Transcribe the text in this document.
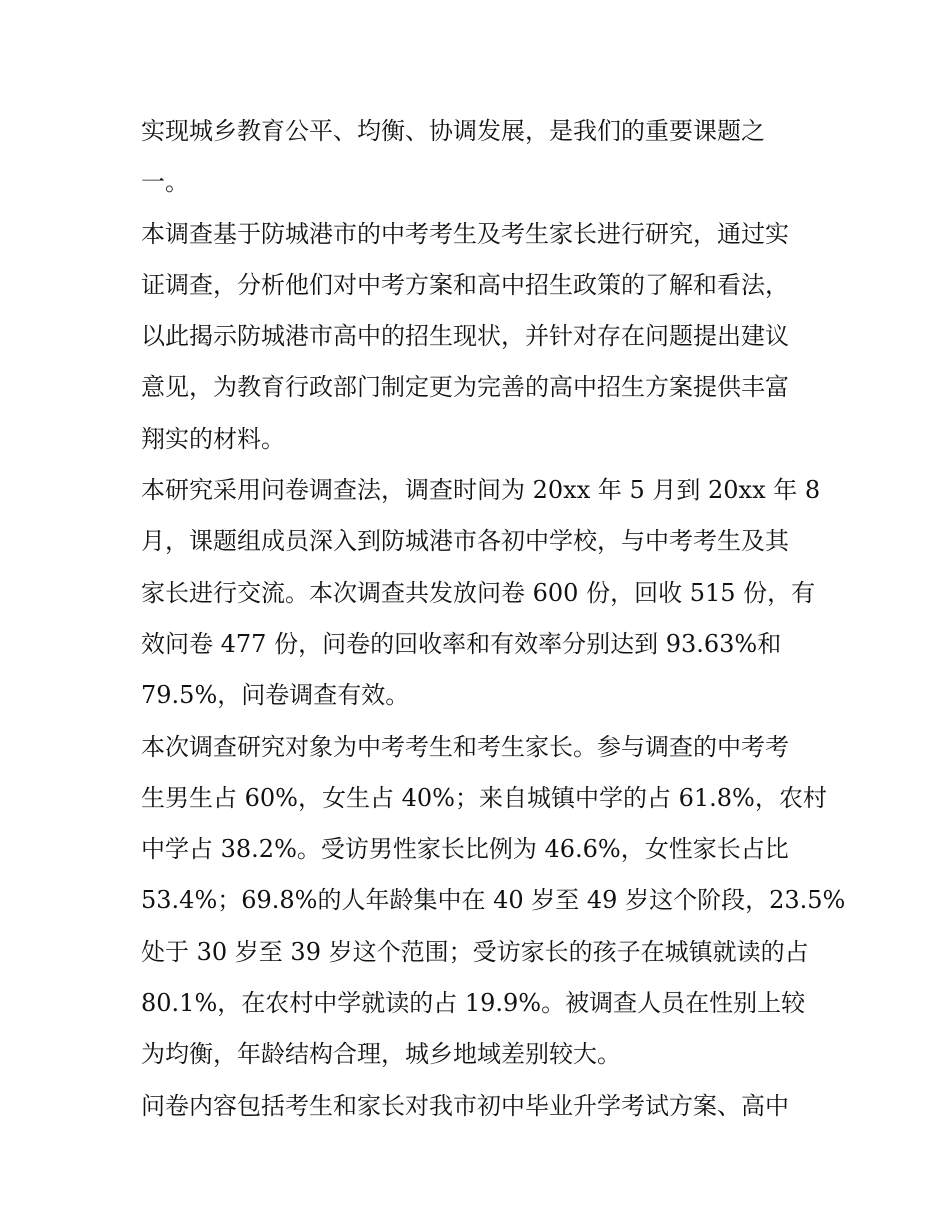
实现城乡教育公平、均衡、协调发展，是我们的重要课题之
一。
本调查基于防城港市的中考考生及考生家长进行研究，通过实
证调查，分析他们对中考方案和高中招生政策的了解和看法，
以此揭示防城港市高中的招生现状，并针对存在问题提出建议
意见，为教育行政部门制定更为完善的高中招生方案提供丰富
翔实的材料。
本研究采用问卷调查法，调查时间为 20xx 年 5 月到 20xx 年 8
月，课题组成员深入到防城港市各初中学校，与中考考生及其
家长进行交流。本次调查共发放问卷 600 份，回收 515 份，有
效问卷 477 份，问卷的回收率和有效率分别达到 93.63%和
79.5%，问卷调查有效。
本次调查研究对象为中考考生和考生家长。参与调查的中考考
生男生占 60%，女生占 40%；来自城镇中学的占 61.8%，农村
中学占 38.2%。受访男性家长比例为 46.6%，女性家长占比
53.4%；69.8%的人年龄集中在 40 岁至 49 岁这个阶段，23.5%
处于 30 岁至 39 岁这个范围；受访家长的孩子在城镇就读的占
80.1%，在农村中学就读的占 19.9%。被调查人员在性别上较
为均衡，年龄结构合理，城乡地域差别较大。
问卷内容包括考生和家长对我市初中毕业升学考试方案、高中
